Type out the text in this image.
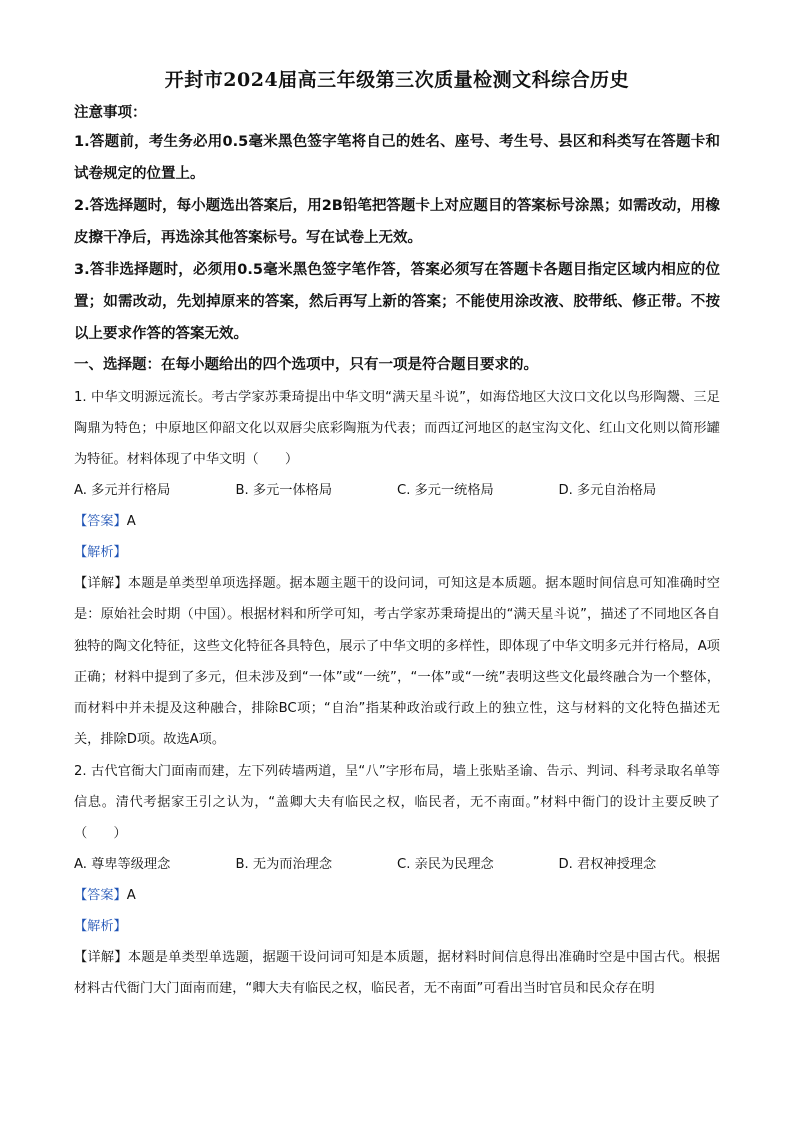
开封市2024届高三年级第三次质量检测文科综合历史

注意事项：

1.答题前，考生务必用0.5毫米黑色签字笔将自己的姓名、座号、考生号、县区和科类写在答题卡和试卷规定的位置上。

2.答选择题时，每小题选出答案后，用2B铅笔把答题卡上对应题目的答案标号涂黑；如需改动，用橡皮擦干净后，再选涂其他答案标号。写在试卷上无效。

3.答非选择题时，必须用0.5毫米黑色签字笔作答，答案必须写在答题卡各题目指定区域内相应的位置；如需改动，先划掉原来的答案，然后再写上新的答案；不能使用涂改液、胶带纸、修正带。不按以上要求作答的答案无效。

一、选择题：在每小题给出的四个选项中，只有一项是符合题目要求的。

1. 中华文明源远流长。考古学家苏秉琦提出中华文明“满天星斗说”，如海岱地区大汶口文化以鸟形陶鬶、三足陶鼎为特色；中原地区仰韶文化以双唇尖底彩陶瓶为代表；而西辽河地区的赵宝沟文化、红山文化则以简形罐为特征。材料体现了中华文明（　　）

A. 多元并行格局	B. 多元一体格局	C. 多元一统格局	D. 多元自治格局

【答案】A

【解析】

【详解】本题是单类型单项选择题。据本题主题干的设问词，可知这是本质题。据本题时间信息可知准确时空是：原始社会时期（中国）。根据材料和所学可知，考古学家苏秉琦提出的“满天星斗说”，描述了不同地区各自独特的陶文化特征，这些文化特征各具特色，展示了中华文明的多样性，即体现了中华文明多元并行格局，A项正确；材料中提到了多元，但未涉及到“一体”或“一统”，“一体”或“一统”表明这些文化最终融合为一个整体，而材料中并未提及这种融合，排除BC项；“自治”指某种政治或行政上的独立性，这与材料的文化特色描述无关，排除D项。故选A项。

2. 古代官衙大门面南而建，左下列砖墙两道，呈“八”字形布局，墙上张贴圣谕、告示、判词、科考录取名单等信息。清代考据家王引之认为，“盖卿大夫有临民之权，临民者，无不南面。”材料中衙门的设计主要反映了（　　）

A. 尊卑等级理念	B. 无为而治理念	C. 亲民为民理念	D. 君权神授理念

【答案】A

【解析】

【详解】本题是单类型单选题，据题干设问词可知是本质题，据材料时间信息得出准确时空是中国古代。根据材料古代衙门大门面南而建，“卿大夫有临民之权，临民者，无不南面”可看出当时官员和民众存在明
